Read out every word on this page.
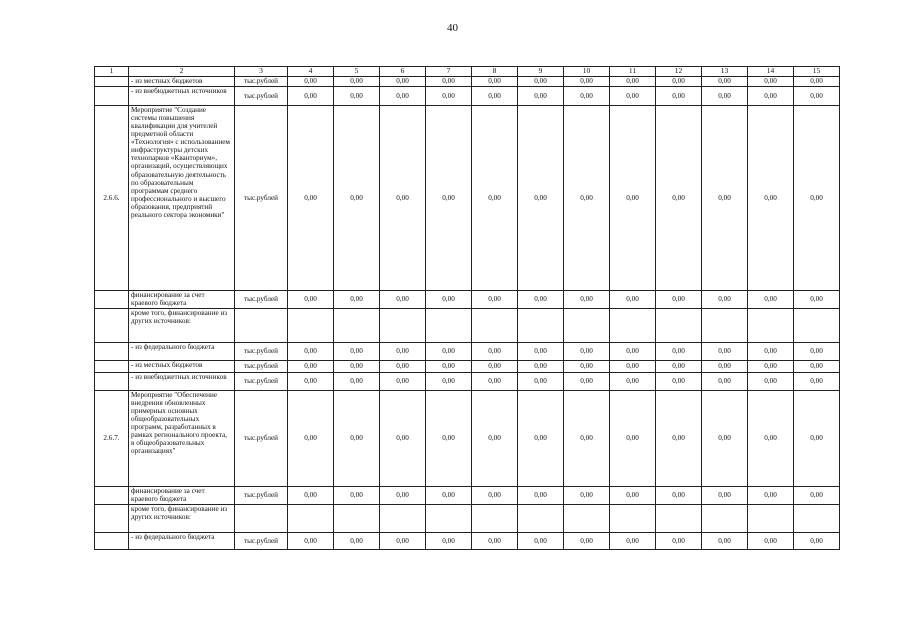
40
1	2	3	4	5	6	7	8	9	10	11	12	13	14	15
	- из местных бюджетов	тыс.рублей	0,00	0,00	0,00	0,00	0,00	0,00	0,00	0,00	0,00	0,00	0,00	0,00
	- из внебюджетных источников	тыс.рублей	0,00	0,00	0,00	0,00	0,00	0,00	0,00	0,00	0,00	0,00	0,00	0,00
2.6.6.	Мероприятие "Создание системы повышения квалификации для учителей предметной области «Технология» с использованием инфраструктуры детских технопарков «Кванториум», организаций, осуществляющих образовательную деятельность по образовательным программам среднего профессионального и высшего образования, предприятий реального сектора экономики"	тыс.рублей	0,00	0,00	0,00	0,00	0,00	0,00	0,00	0,00	0,00	0,00	0,00	0,00
	финансирование за счет краевого бюджета	тыс.рублей	0,00	0,00	0,00	0,00	0,00	0,00	0,00	0,00	0,00	0,00	0,00	0,00
	кроме того, финансирование из других источников:													
	- из федерального бюджета	тыс.рублей	0,00	0,00	0,00	0,00	0,00	0,00	0,00	0,00	0,00	0,00	0,00	0,00
	- из местных бюджетов	тыс.рублей	0,00	0,00	0,00	0,00	0,00	0,00	0,00	0,00	0,00	0,00	0,00	0,00
	- из внебюджетных источников	тыс.рублей	0,00	0,00	0,00	0,00	0,00	0,00	0,00	0,00	0,00	0,00	0,00	0,00
2.6.7.	Мероприятие "Обеспечение внедрения обновленных примерных основных общеобразовательных программ, разработанных в рамках регионального проекта, в общеобразовательных организациях"	тыс.рублей	0,00	0,00	0,00	0,00	0,00	0,00	0,00	0,00	0,00	0,00	0,00	0,00
	финансирование за счет краевого бюджета	тыс.рублей	0,00	0,00	0,00	0,00	0,00	0,00	0,00	0,00	0,00	0,00	0,00	0,00
	кроме того, финансирование из других источников:													
	- из федерального бюджета	тыс.рублей	0,00	0,00	0,00	0,00	0,00	0,00	0,00	0,00	0,00	0,00	0,00	0,00
